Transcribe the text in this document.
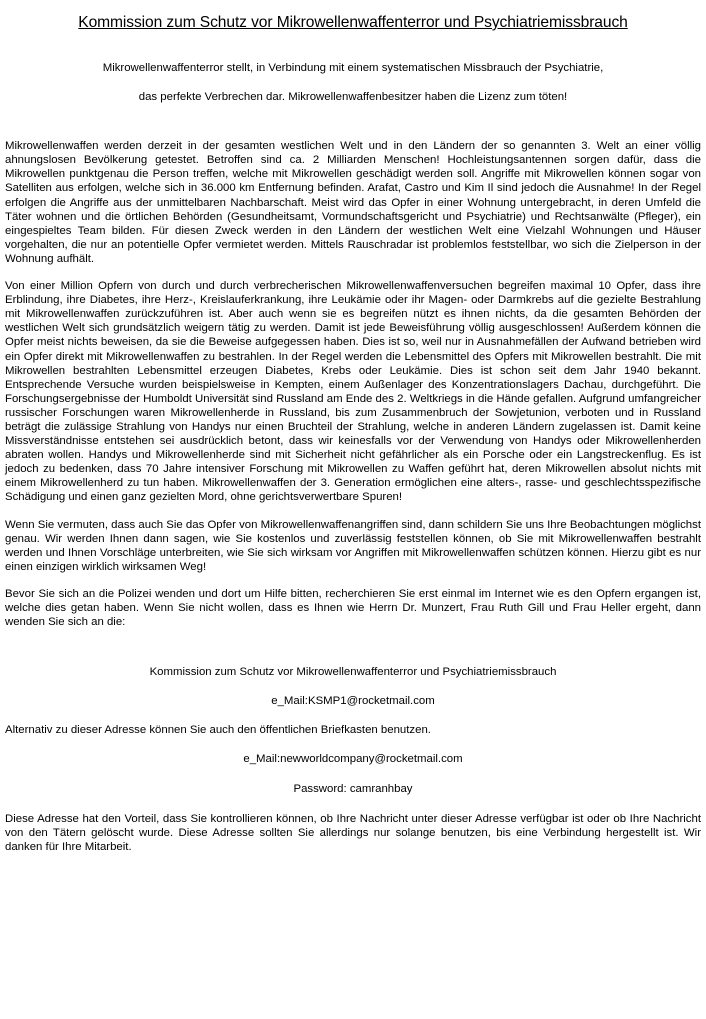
Kommission zum Schutz vor Mikrowellenwaffenterror und Psychiatriemissbrauch

Mikrowellenwaffenterror stellt, in Verbindung mit einem systematischen Missbrauch der Psychiatrie,

das perfekte Verbrechen dar. Mikrowellenwaffenbesitzer haben die Lizenz zum töten!

Mikrowellenwaffen werden derzeit in der gesamten westlichen Welt und in den Ländern der so genannten 3. Welt an einer völlig ahnungslosen Bevölkerung getestet. Betroffen sind ca. 2 Milliarden Menschen! Hochleistungsantennen sorgen dafür, dass die Mikrowellen punktgenau die Person treffen, welche mit Mikrowellen geschädigt werden soll. Angriffe mit Mikrowellen können sogar von Satelliten aus erfolgen, welche sich in 36.000 km Entfernung befinden. Arafat, Castro und Kim Il sind jedoch die Ausnahme! In der Regel erfolgen die Angriffe aus der unmittelbaren Nachbarschaft. Meist wird das Opfer in einer Wohnung untergebracht, in deren Umfeld die Täter wohnen und die örtlichen Behörden (Gesundheitsamt, Vormundschaftsgericht und Psychiatrie) und Rechtsanwälte (Pfleger), ein eingespieltes Team bilden. Für diesen Zweck werden in den Ländern der westlichen Welt eine Vielzahl Wohnungen und Häuser vorgehalten, die nur an potentielle Opfer vermietet werden. Mittels Rauschradar ist problemlos feststellbar, wo sich die Zielperson in der Wohnung aufhält.

Von einer Million Opfern von durch und durch verbrecherischen Mikrowellenwaffenversuchen begreifen maximal 10 Opfer, dass ihre Erblindung, ihre Diabetes, ihre Herz-, Kreislauferkrankung, ihre Leukämie oder ihr Magen- oder Darmkrebs auf die gezielte Bestrahlung mit Mikrowellenwaffen zurückzuführen ist. Aber auch wenn sie es begreifen nützt es ihnen nichts, da die gesamten Behörden der westlichen Welt sich grundsätzlich weigern tätig zu werden. Damit ist jede Beweisführung völlig ausgeschlossen! Außerdem können die Opfer meist nichts beweisen, da sie die Beweise aufgegessen haben. Dies ist so, weil nur in Ausnahmefällen der Aufwand betrieben wird ein Opfer direkt mit Mikrowellenwaffen zu bestrahlen. In der Regel werden die Lebensmittel des Opfers mit Mikrowellen bestrahlt. Die mit Mikrowellen bestrahlten Lebensmittel erzeugen Diabetes, Krebs oder Leukämie. Dies ist schon seit dem Jahr 1940 bekannt. Entsprechende Versuche wurden beispielsweise in Kempten, einem Außenlager des Konzentrationslagers Dachau, durchgeführt. Die Forschungsergebnisse der Humboldt Universität sind Russland am Ende des 2. Weltkriegs in die Hände gefallen. Aufgrund umfangreicher russischer Forschungen waren Mikrowellenherde in Russland, bis zum Zusammenbruch der Sowjetunion, verboten und in Russland beträgt die zulässige Strahlung von Handys nur einen Bruchteil der Strahlung, welche in anderen Ländern zugelassen ist. Damit keine Missverständnisse entstehen sei ausdrücklich betont, dass wir keinesfalls vor der Verwendung von Handys oder Mikrowellenherden abraten wollen. Handys und Mikrowellenherde sind mit Sicherheit nicht gefährlicher als ein Porsche oder ein Langstreckenflug. Es ist jedoch zu bedenken, dass 70 Jahre intensiver Forschung mit Mikrowellen zu Waffen geführt hat, deren Mikrowellen absolut nichts mit einem Mikrowellenherd zu tun haben. Mikrowellenwaffen der 3. Generation ermöglichen eine alters-, rasse- und geschlechtsspezifische Schädigung und einen ganz gezielten Mord, ohne gerichtsverwertbare Spuren!

Wenn Sie vermuten, dass auch Sie das Opfer von Mikrowellenwaffenangriffen sind, dann schildern Sie uns Ihre Beobachtungen möglichst genau. Wir werden Ihnen dann sagen, wie Sie kostenlos und zuverlässig feststellen können, ob Sie mit Mikrowellenwaffen bestrahlt werden und Ihnen Vorschläge unterbreiten, wie Sie sich wirksam vor Angriffen mit Mikrowellenwaffen schützen können. Hierzu gibt es nur einen einzigen wirklich wirksamen Weg!

Bevor Sie sich an die Polizei wenden und dort um Hilfe bitten, recherchieren Sie erst einmal im Internet wie es den Opfern ergangen ist, welche dies getan haben. Wenn Sie nicht wollen, dass es Ihnen wie Herrn Dr. Munzert, Frau Ruth Gill und Frau Heller ergeht, dann wenden Sie sich an die:

Kommission zum Schutz vor Mikrowellenwaffenterror und Psychiatriemissbrauch

e_Mail:KSMP1@rocketmail.com

Alternativ zu dieser Adresse können Sie auch den öffentlichen Briefkasten benutzen.

e_Mail:newworldcompany@rocketmail.com

Password: camranhbay

Diese Adresse hat den Vorteil, dass Sie kontrollieren können, ob Ihre Nachricht unter dieser Adresse verfügbar ist oder ob Ihre Nachricht von den Tätern gelöscht wurde. Diese Adresse sollten Sie allerdings nur solange benutzen, bis eine Verbindung hergestellt ist. Wir danken für Ihre Mitarbeit.
